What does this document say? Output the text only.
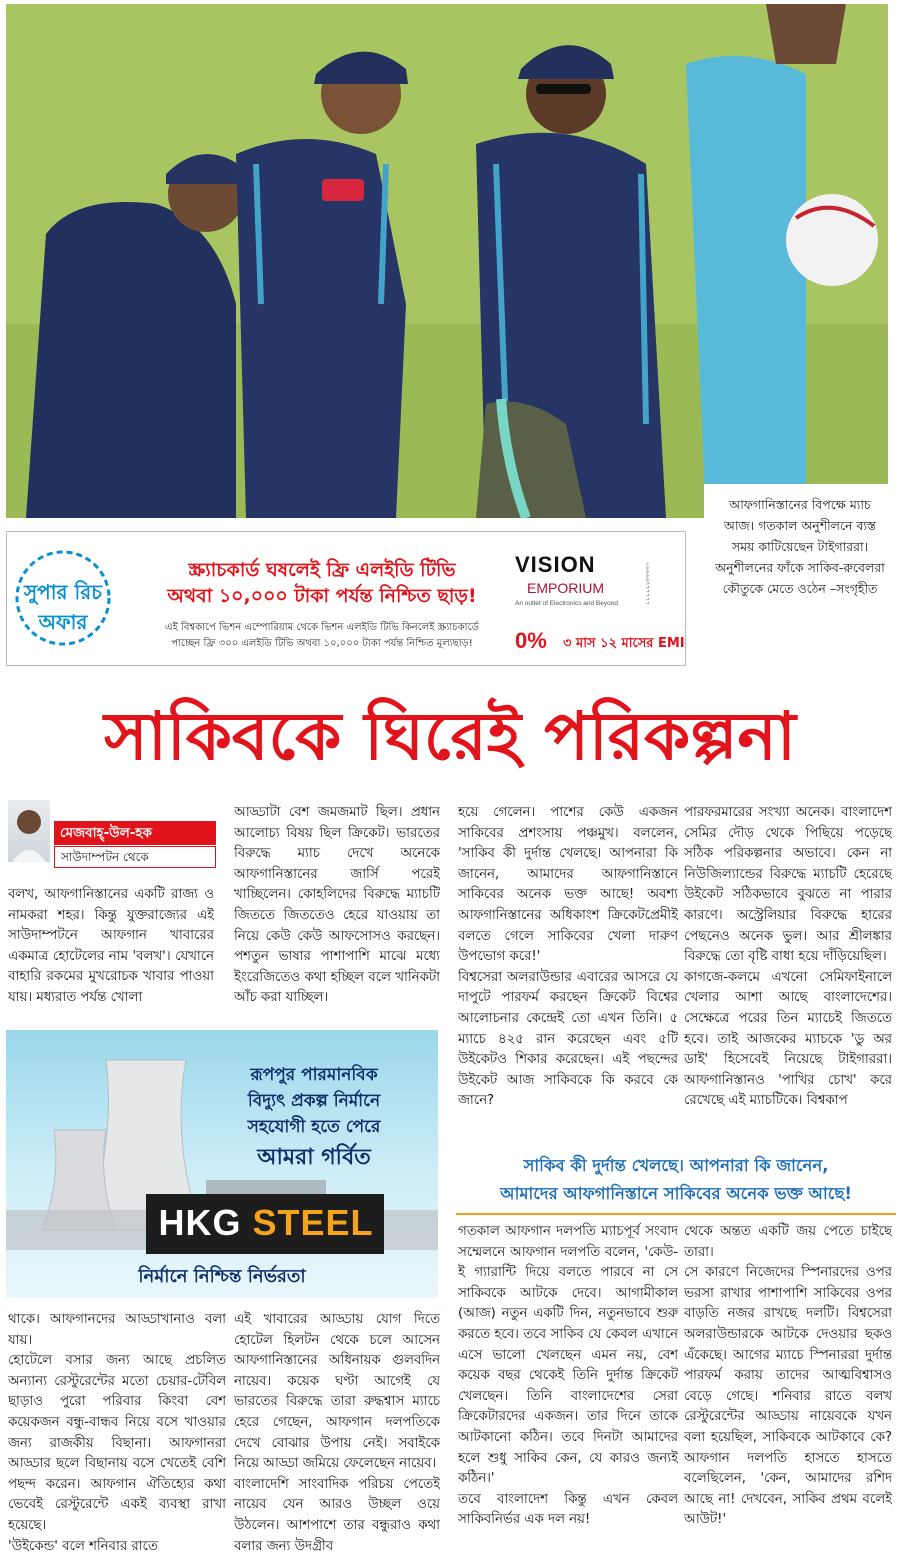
আফগানিস্তানের বিপক্ষে ম্যাচ আজ। গতকাল অনুশীলনে ব্যস্ত সময় কাটিয়েছেন টাইগাররা। অনুশীলনের ফাঁকে সাকিব-রুবেলরা কৌতুকে মেতে ওঠেন –সংগৃহীত
সুপার রিচ
অফার
স্ক্র্যাচকার্ড ঘষলেই ফ্রি এলইডি টিভি
অথবা ১০,০০০ টাকা পর্যন্ত নিশ্চিত ছাড়!
এই বিশ্বকাপে ভিশন এম্পোরিয়াম থেকে ভিশন এলইডি টিভি কিনলেই স্ক্র্যাচকার্ডে
পাচ্ছেন ফ্রি ৩০০ এলইডি টিভি অথবা ১০,০০০ টাকা পর্যন্ত নিশ্চিত মূল্যছাড়!
VISION
EMPORIUM
An outlet of Electronics and Beyond
0% ৩ মাস ১২ মাসের EMI
০৯৬৬৬৭৭৭৭৭৭
সাকিবকে ঘিরেই পরিকল্পনা
মেজবাহ্-উল-হক
সাউদাম্পটন থেকে
বলখ, আফগানিস্তানের একটি রাজ্য ও নামকরা শহর। কিন্তু যুক্তরাজ্যের এই সাউদাম্পটনে আফগান খাবারের একমাত্র হোটেলের নাম 'বলখ'। যেখানে বাহারি রকমের মুখরোচক খাবার পাওয়া যায়। মধ্যরাত পর্যন্ত খোলা
আড্ডাটা বেশ জমজমাট ছিল। প্রধান আলোচ্য বিষয় ছিল ক্রিকেট। ভারতের বিরুদ্ধে ম্যাচ দেখে অনেকে আফগানিস্তানের জার্সি পরেই খাচ্ছিলেন। কোহলিদের বিরুদ্ধে ম্যাচটি জিততে জিততেও হেরে যাওয়ায় তা নিয়ে কেউ কেউ আফসোসও করছেন। পশতুন ভাষার পাশাপাশি মাঝে মধ্যে ইংরেজিতেও কথা হচ্ছিল বলে খানিকটা আঁচ করা যাচ্ছিল।
হয়ে গেলেন। পাশের কেউ একজন সাকিবের প্রশংসায় পঞ্চমুখ। বললেন, 'সাকিব কী দুর্দান্ত খেলছে। আপনারা কি জানেন, আমাদের আফগানিস্তানে সাকিবের অনেক ভক্ত আছে! অবশ্য আফগানিস্তানের অধিকাংশ ক্রিকেটপ্রেমীই বলতে গেলে সাকিবের খেলা দারুণ উপভোগ করে!'
বিশ্বসেরা অলরাউন্ডার এবারের আসরে যে দাপুটে পারফর্ম করছেন ক্রিকেট বিশ্বের আলোচনার কেন্দ্রেই তো এখন তিনি। ৫ ম্যাচে ৪২৫ রান করেছেন এবং ৫টি উইকেটও শিকার করেছেন। এই পছন্দের উইকেট আজ সাকিবকে কি করবে কে জানে?
পারফরমারের সংখ্যা অনেক। বাংলাদেশ সেমির দৌড় থেকে পিছিয়ে পড়েছে সঠিক পরিকল্পনার অভাবে। কেন না নিউজিল্যান্ডের বিরুদ্ধে ম্যাচটি হেরেছে উইকেট সঠিকভাবে বুঝতে না পারার কারণে। অস্ট্রেলিয়ার বিরুদ্ধে হারের পেছনেও অনেক ভুল। আর শ্রীলঙ্কার বিরুদ্ধে তো বৃষ্টি বাধা হয়ে দাঁড়িয়েছিল।
কাগজে-কলমে এখনো সেমিফাইনালে খেলার আশা আছে বাংলাদেশের। সেক্ষেত্রে পরের তিন ম্যাচেই জিততে হবে। তাই আজকের ম্যাচকে 'ডু অর ডাই' হিসেবেই নিয়েছে টাইগাররা। আফগানিস্তানও 'পাখির চোখ' করে রেখেছে এই ম্যাচটিকে। বিশ্বকাপ
রূপপুর পারমানবিক
বিদ্যুৎ প্রকল্প নির্মানে
সহযোগী হতে পেরে
আমরা গর্বিত
HKG STEEL
নির্মানে নিশ্চিন্ত নির্ভরতা
সাকিব কী দুর্দান্ত খেলছে। আপনারা কি জানেন,
আমাদের আফগানিস্তানে সাকিবের অনেক ভক্ত আছে!
থাকে। আফগানদের আড্ডাখানাও বলা যায়।
হোটেলে বসার জন্য আছে প্রচলিত অন্যান্য রেস্টুরেন্টের মতো চেয়ার-টেবিল ছাড়াও পুরো পরিবার কিংবা বেশ কয়েকজন বন্ধু-বান্ধব নিয়ে বসে খাওয়ার জন্য রাজকীয় বিছানা। আফগানরা আড্ডার ছলে বিছানায় বসে খেতেই বেশি পছন্দ করেন। আফগান ঐতিহ্যের কথা ভেবেই রেস্টুরেন্টে একই ব্যবস্থা রাখা হয়েছে।
'উইকেন্ড' বলে শনিবার রাতে
এই খাবারের আড্ডায় যোগ দিতে হোটেল হিলটন থেকে চলে আসেন আফগানিস্তানের অধিনায়ক গুলবদিন নায়েব। কয়েক ঘণ্টা আগেই যে ভারতের বিরুদ্ধে তারা রুদ্ধশ্বাস ম্যাচে হেরে গেছেন, আফগান দলপতিকে দেখে বোঝার উপায় নেই। সবাইকে নিয়ে আড্ডা জমিয়ে ফেলেছেন নায়েব।
বাংলাদেশি সাংবাদিক পরিচয় পেতেই নায়েব যেন আরও উচ্ছল ওয়ে উঠলেন। আশপাশে তার বন্ধুরাও কথা বলার জন্য উদগ্রীব
গতকাল আফগান দলপতি ম্যাচপূর্ব সংবাদ সম্মেলনে আফগান দলপতি বলেন, 'কেউ-ই গ্যারান্টি দিয়ে বলতে পারবে না সে সাকিবকে আটকে দেবে। আগামীকাল (আজ) নতুন একটি দিন, নতুনভাবে শুরু করতে হবে। তবে সাকিব যে কেবল এখানে এসে ভালো খেলছেন এমন নয়, বেশ কয়েক বছর থেকেই তিনি দুর্দান্ত ক্রিকেট খেলছেন। তিনি বাংলাদেশের সেরা ক্রিকেটারদের একজন। তার দিনে তাকে আটকানো কঠিন। তবে দিনটা আমাদের হলে শুধু সাকিব কেন, যে কারও জন্যই কঠিন।'
তবে বাংলাদেশ কিন্তু এখন কেবল সাকিবনির্ভর এক দল নয়!
থেকে অন্তত একটি জয় পেতে চাইছে তারা।
সে কারণে নিজেদের স্পিনারদের ওপর ভরসা রাখার পাশাপাশি সাকিবের ওপর বাড়তি নজর রাখছে দলটি। বিশ্বসেরা অলরাউন্ডারকে আটকে দেওয়ার ছকও এঁকেছে। আগের ম্যাচে স্পিনাররা দুর্দান্ত পারফর্ম করায় তাদের আত্মবিশ্বাসও বেড়ে গেছে। শনিবার রাতে বলখ রেস্টুরেন্টের আড্ডায় নায়েবকে যখন বলা হয়েছিল, সাকিবকে আটকাবে কে? আফগান দলপতি হাসতে হাসতে বলেছিলেন, 'কেন, আমাদের রশিদ আছে না! দেখবেন, সাকিব প্রথম বলেই আউট!'
